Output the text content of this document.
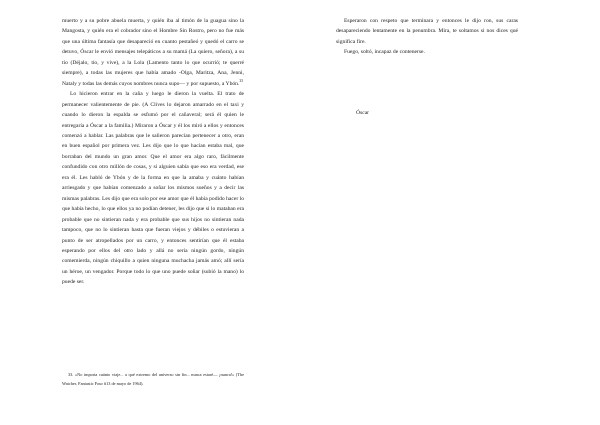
muerto y a su pobre abuela muerta, y quién iba al timón de la guagua sino la Mangosta, y quién era el cobrador sino el Hombre Sin Rostro, pero no fue más que una última fantasía que desapareció en cuanto pestañeó y quedó el carro se detuvo, Óscar le envió mensajes telepáticos a su mamá (La quiero, señora), a su tío (Déjalo, tío, y vive), a la Lola (Lamento tanto lo que ocurrió; te querré siempre), a todas las mujeres que había amado -Olga, Maritza, Ana, Jenni, Nataly y todas las demás cuyos nombres nunca supo— y por supuesto, a Ybón.$^{33}$

Lo hicieron entrar en la caña y luego le dieron la vuelta. El trato de permanecer valientemente de pie. (A Clives lo dejaron amarrado en el taxi y cuando lo dieron la espalda se esfumó por el cañaveral; será él quien le entregaría a Óscar a la familia.) Miraron a Óscar y él los miró a ellos y entonces comenzó a hablar. Las palabras que le salieron parecían pertenecer a otro, eran en buen español por primera vez. Les dijo que lo que hacían estaba mal, que borraban del mundo un gran amor. Que el amor era algo raro, fácilmente confundido con otro millón de cosas, y si alguien sabía que eso era verdad, ese era él. Les habló de Ybón y de la forma en que la amaba y cuánto habían arriesgado y que habían comenzado a soñar los mismos sueños y a decir las mismas palabras. Les dijo que era solo por ese amor que él había podido hacer lo que había hecho, lo que ellos ya no podían detener, les dijo que si lo mataban era probable que no sintieran nada y era probable que sus hijos no sintieran nada tampoco, que no lo sintieran hasta que fueran viejos y débiles o estuvieran a punto de ser atropellados por un carro, y entonces sentirían que él estaba esperando por ellos del otro lado y allá no sería ningún gordo, ningún comemierda, ningún chiquillo a quien ninguna muchacha jamás amó; allí sería un héroe, un vengador. Porque todo lo que uno puede soñar (subió la mano) lo puede ser.

33. «No importa cuánto viaje... a qué extremo del universo sin fin... nunca estaré— ¡nunca!» (The Watcher, Fantastic Four #13 de mayo de 1964).

Esperaron con respeto que terminara y entonces le dijo ron, sus caras desapareciendo lentamente en la penumbra. Mira, te soltamos si nos dices qué significa fire.

Fuego, soltó, incapaz de contenerse.

Óscar
